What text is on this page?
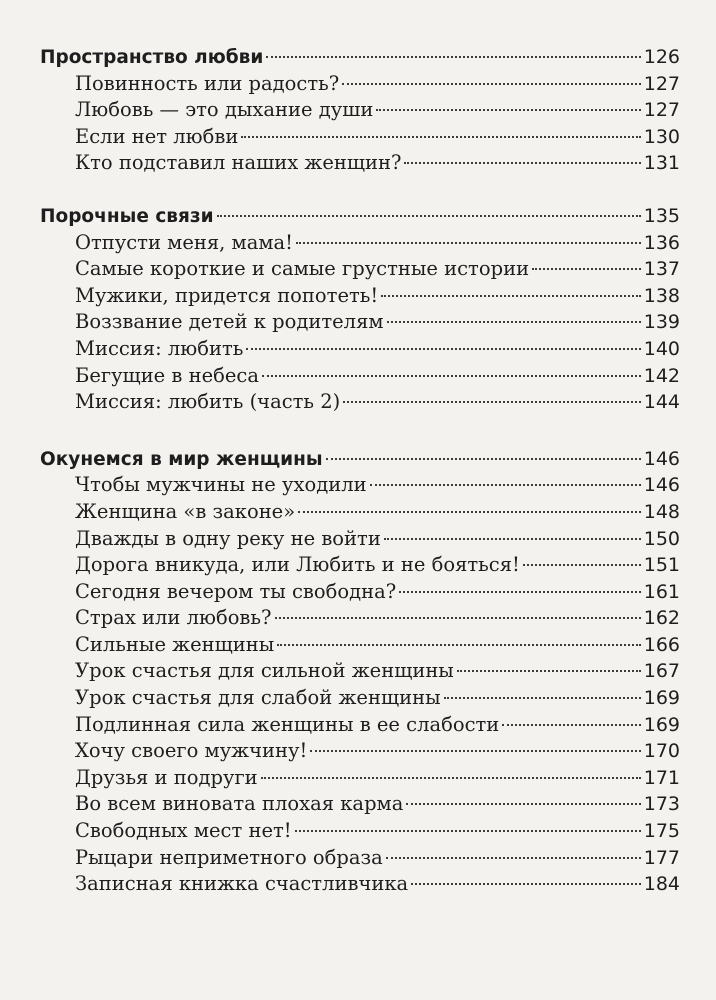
Пространство любви	126
Повинность или радость?	127
Любовь — это дыхание души	127
Если нет любви	130
Кто подставил наших женщин?	131
Порочные связи	135
Отпусти меня, мама!	136
Самые короткие и самые грустные истории	137
Мужики, придется попотеть!	138
Воззвание детей к родителям	139
Миссия: любить	140
Бегущие в небеса	142
Миссия: любить (часть 2)	144
Окунемся в мир женщины	146
Чтобы мужчины не уходили	146
Женщина «в законе»	148
Дважды в одну реку не войти	150
Дорога вникуда, или Любить и не бояться!	151
Сегодня вечером ты свободна?	161
Страх или любовь?	162
Сильные женщины	166
Урок счастья для сильной женщины	167
Урок счастья для слабой женщины	169
Подлинная сила женщины в ее слабости	169
Хочу своего мужчину!	170
Друзья и подруги	171
Во всем виновата плохая карма	173
Свободных мест нет!	175
Рыцари неприметного образа	177
Записная книжка счастливчика	184
